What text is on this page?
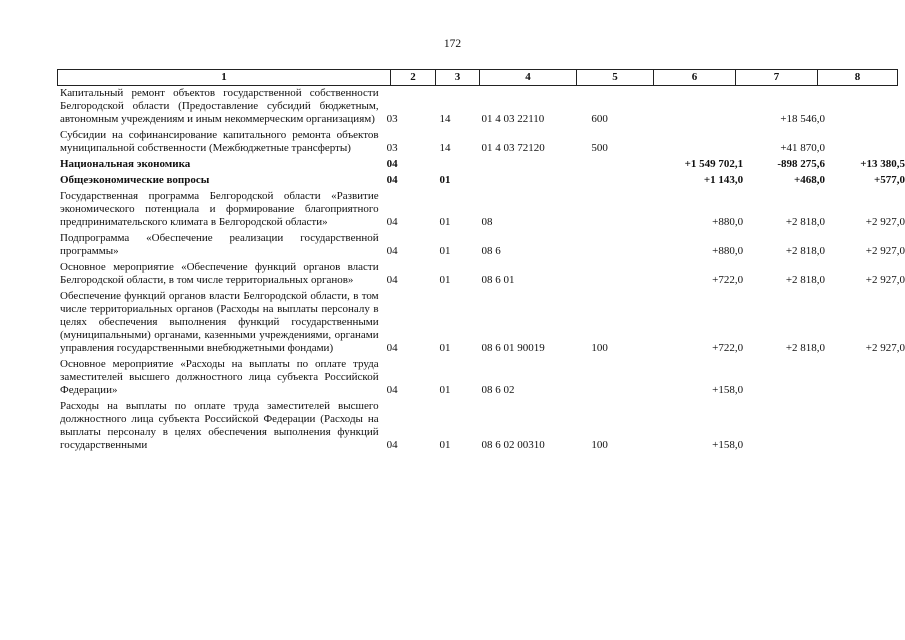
172
1	2	3	4	5	6	7	8
Капитальный ремонт объектов государственной собственности Белгородской области (Предоставление субсидий бюджетным, автономным учреждениям и иным некоммерческим организациям)	03	14	01 4 03 22110	600		+18 546,0	
Субсидии на софинансирование капитального ремонта объектов муниципальной собственности (Межбюджетные трансферты)	03	14	01 4 03 72120	500		+41 870,0	
Национальная экономика	04				+1 549 702,1	-898 275,6	+13 380,5
Общеэкономические вопросы	04	01			+1 143,0	+468,0	+577,0
Государственная программа Белгородской области «Развитие экономического потенциала и формирование благоприятного предпринимательского климата в Белгородской области»	04	01	08		+880,0	+2 818,0	+2 927,0
Подпрограмма «Обеспечение реализации государственной программы»	04	01	08 6		+880,0	+2 818,0	+2 927,0
Основное мероприятие «Обеспечение функций органов власти Белгородской области, в том числе территориальных органов»	04	01	08 6 01		+722,0	+2 818,0	+2 927,0
Обеспечение функций органов власти Белгородской области, в том числе территориальных органов (Расходы на выплаты персоналу в целях обеспечения выполнения функций государственными (муниципальными) органами, казенными учреждениями, органами управления государственными внебюджетными фондами)	04	01	08 6 01 90019	100	+722,0	+2 818,0	+2 927,0
Основное мероприятие «Расходы на выплаты по оплате труда заместителей высшего должностного лица субъекта Российской Федерации»	04	01	08 6 02		+158,0		
Расходы на выплаты по оплате труда заместителей высшего должностного лица субъекта Российской Федерации (Расходы на выплаты персоналу в целях обеспечения выполнения функций государственными	04	01	08 6 02 00310	100	+158,0		
